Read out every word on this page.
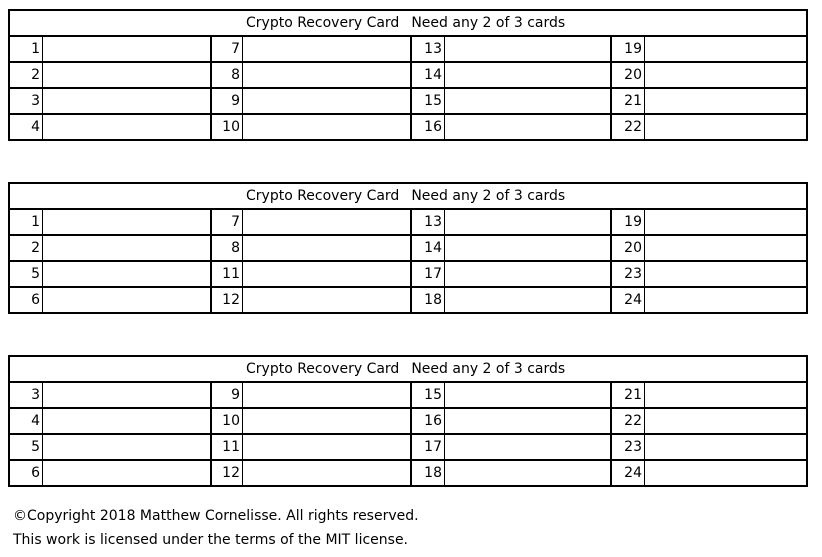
Crypto Recovery Card Need any 2 of 3 cards

1	7	13	19
2	8	14	20
3	9	15	21
4	10	16	22

Crypto Recovery Card Need any 2 of 3 cards

1	7	13	19
2	8	14	20
5	11	17	23
6	12	18	24

Crypto Recovery Card Need any 2 of 3 cards

3	9	15	21
4	10	16	22
5	11	17	23
6	12	18	24
©Copyright 2018 Matthew Cornelisse. All rights reserved.
This work is licensed under the terms of the MIT license.
